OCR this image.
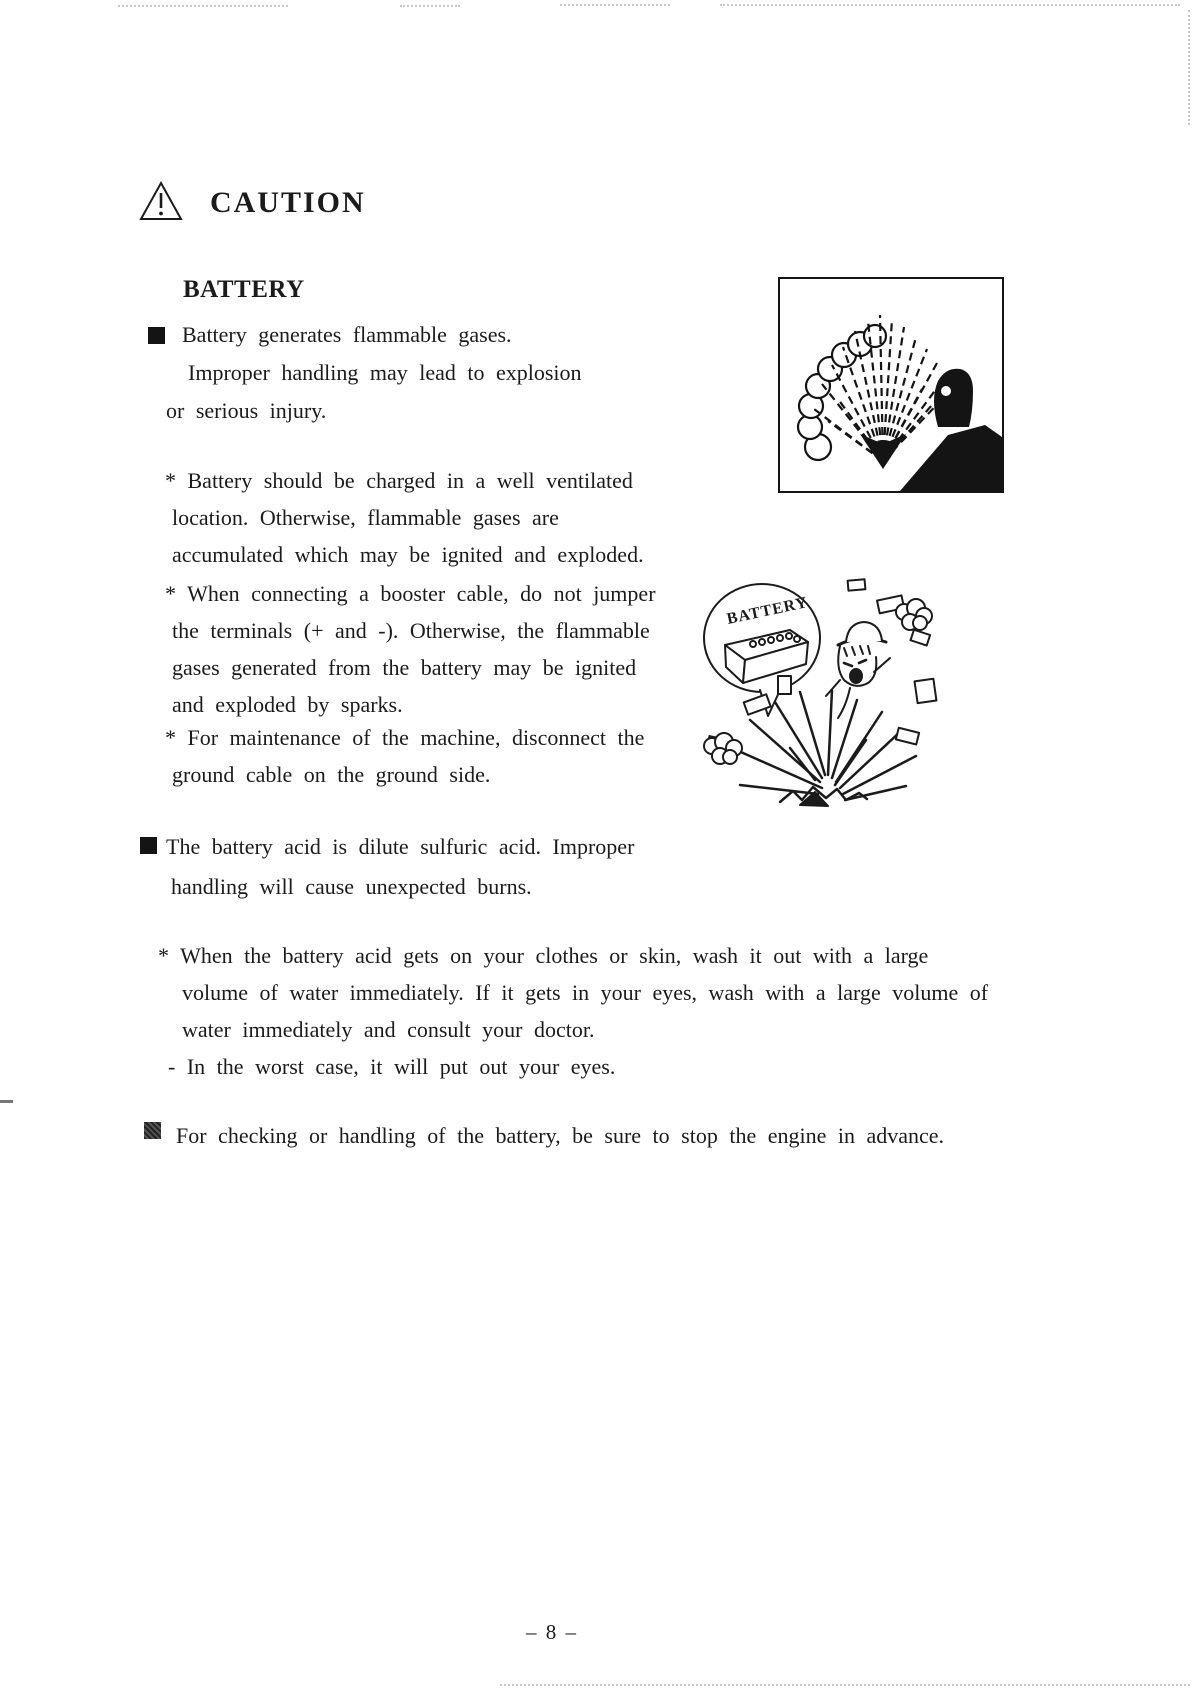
CAUTION
BATTERY
Battery generates flammable gases.
Improper handling may lead to explosion
or serious injury.
* Battery should be charged in a well ventilated
location. Otherwise, flammable gases are
accumulated which may be ignited and exploded.
* When connecting a booster cable, do not jumper
the terminals (+ and -). Otherwise, the flammable
gases generated from the battery may be ignited
and exploded by sparks.
* For maintenance of the machine, disconnect the
ground cable on the ground side.
The battery acid is dilute sulfuric acid. Improper
handling will cause unexpected burns.
* When the battery acid gets on your clothes or skin, wash it out with a large
volume of water immediately. If it gets in your eyes, wash with a large volume of
water immediately and consult your doctor.
- In the worst case, it will put out your eyes.
For checking or handling of the battery, be sure to stop the engine in advance.
BATTERY
– 8 –
